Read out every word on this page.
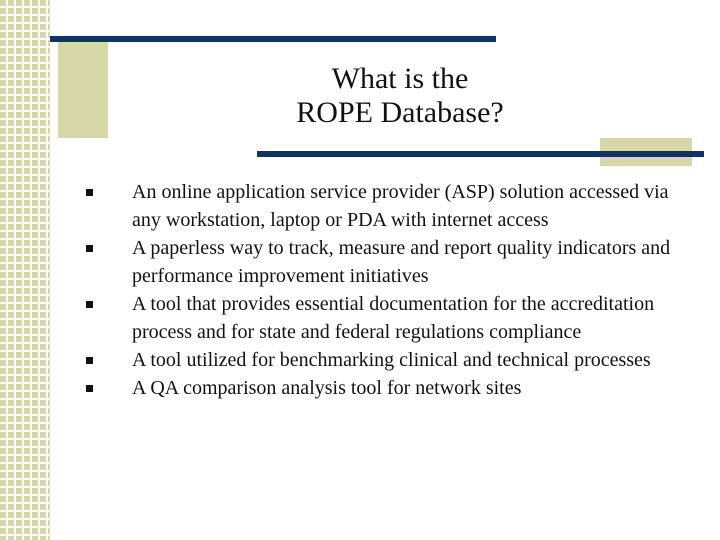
What is the
ROPE Database?
An online application service provider (ASP) solution accessed via any workstation, laptop or PDA with internet access
A paperless way to track, measure and report quality indicators and performance improvement initiatives
A tool that provides essential documentation for the accreditation process and for state and federal regulations compliance
A tool utilized for benchmarking clinical and technical processes
A QA comparison analysis tool for network sites
